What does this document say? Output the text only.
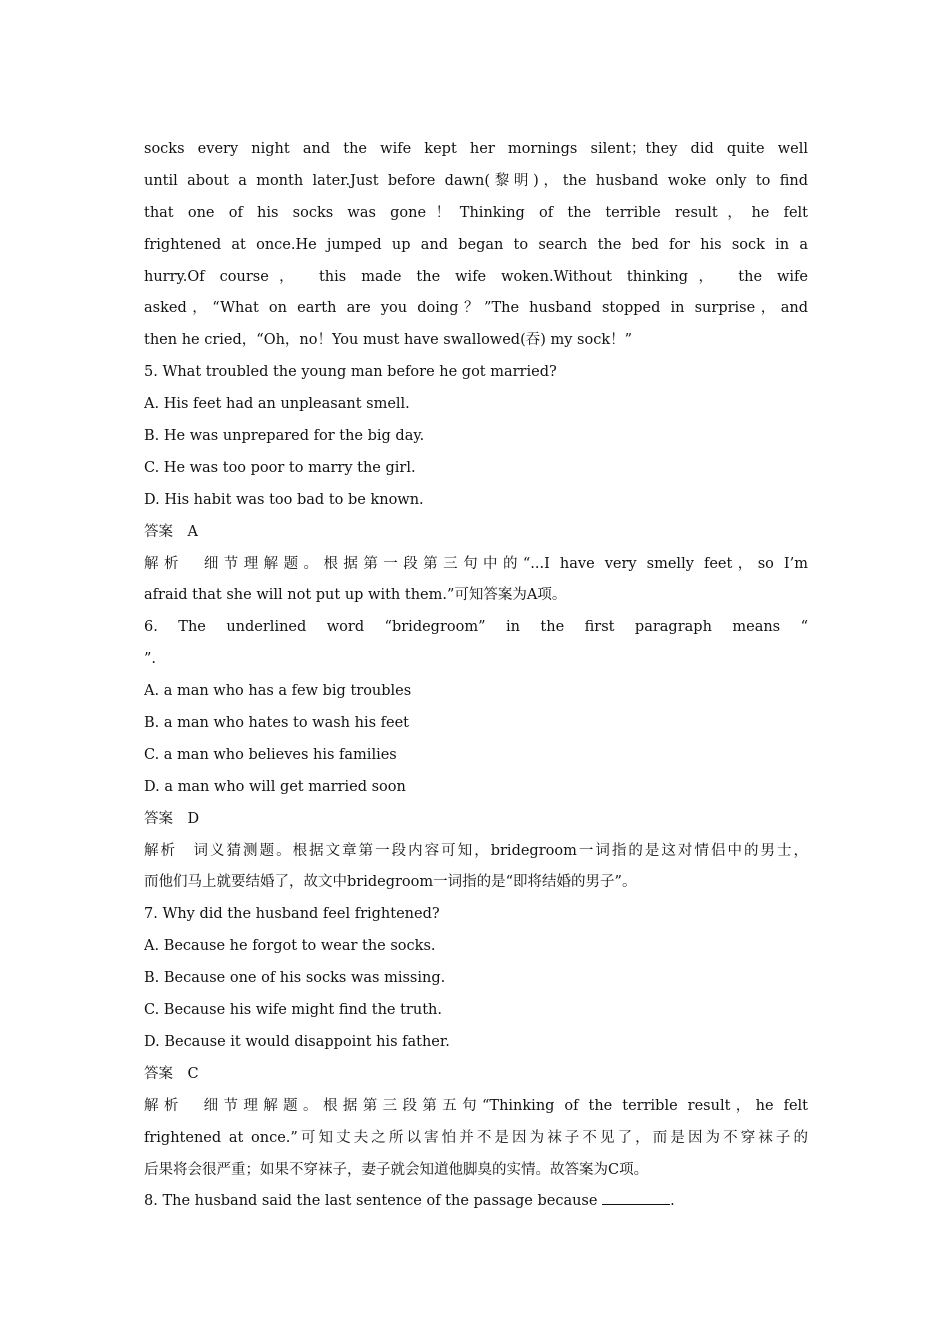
socks every night and the wife kept her mornings silent；they did quite well
until about a month later.Just before dawn(黎明)，the husband woke only to find
that one of his socks was gone！Thinking of the terrible result，he felt
frightened at once.He jumped up and began to search the bed for his sock in a
hurry.Of course， this made the wife woken.Without thinking， the wife
asked，“What on earth are you doing？”The husband stopped in surprise，and
then he cried，“Oh，no！You must have swallowed(吞) my sock！”
5. What troubled the young man before he got married?
A. His feet had an unpleasant smell.
B. He was unprepared for the big day.
C. He was too poor to marry the girl.
D. His habit was too bad to be known.
答案　A
解析　细节理解题。根据第一段第三句中的“...I have very smelly feet，so I’m
afraid that she will not put up with them.”可知答案为A项。
6. The underlined word “bridegroom” in the first paragraph means “
”.
A. a man who has a few big troubles
B. a man who hates to wash his feet
C. a man who believes his families
D. a man who will get married soon
答案　D
解析　词义猜测题。根据文章第一段内容可知，bridegroom一词指的是这对情侣中的男士，
而他们马上就要结婚了，故文中bridegroom一词指的是“即将结婚的男子”。
7. Why did the husband feel frightened?
A. Because he forgot to wear the socks.
B. Because one of his socks was missing.
C. Because his wife might find the truth.
D. Because it would disappoint his father.
答案　C
解析　细节理解题。根据第三段第五句“Thinking of the terrible result，he felt
frightened at once.”可知丈夫之所以害怕并不是因为袜子不见了，而是因为不穿袜子的
后果将会很严重；如果不穿袜子，妻子就会知道他脚臭的实情。故答案为C项。
8. The husband said the last sentence of the passage because	.
